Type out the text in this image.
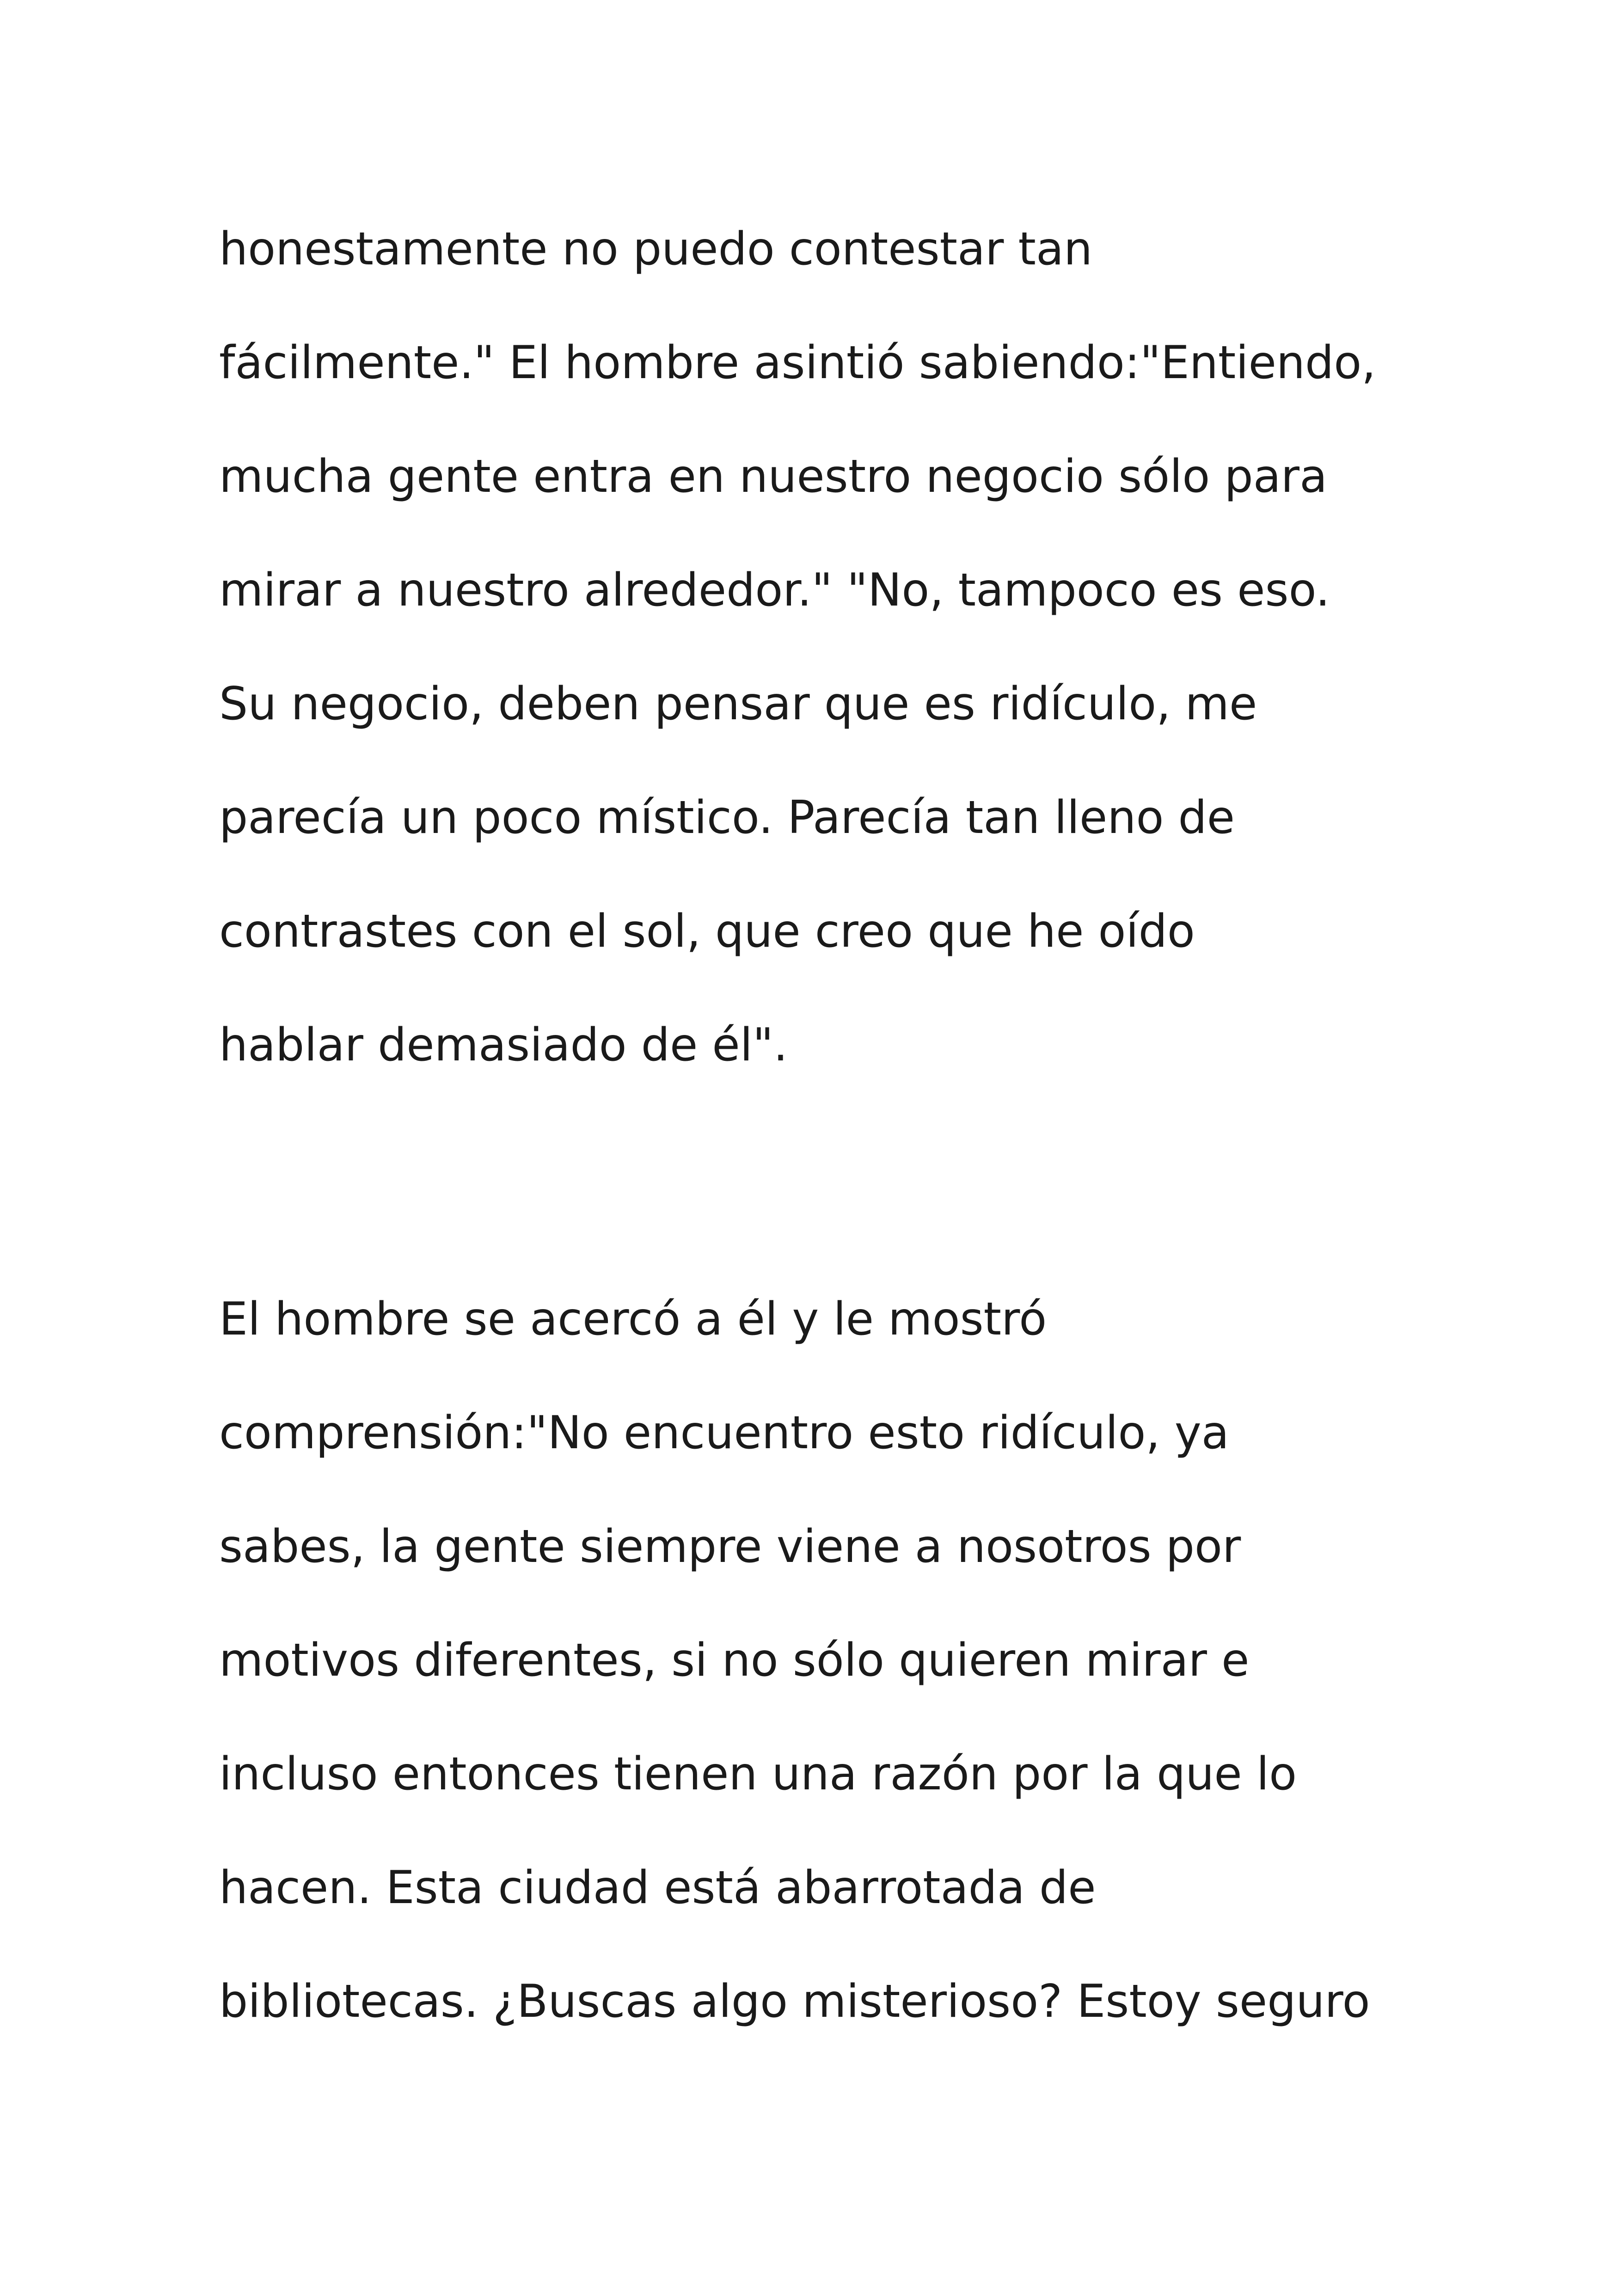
honestamente no puedo contestar tan
fácilmente." El hombre asintió sabiendo:"Entiendo,
mucha gente entra en nuestro negocio sólo para
mirar a nuestro alrededor." "No, tampoco es eso.
Su negocio, deben pensar que es ridículo, me
parecía un poco místico. Parecía tan lleno de
contrastes con el sol, que creo que he oído
hablar demasiado de él".
El hombre se acercó a él y le mostró
comprensión:"No encuentro esto ridículo, ya
sabes, la gente siempre viene a nosotros por
motivos diferentes, si no sólo quieren mirar e
incluso entonces tienen una razón por la que lo
hacen. Esta ciudad está abarrotada de
bibliotecas. ¿Buscas algo misterioso? Estoy seguro
